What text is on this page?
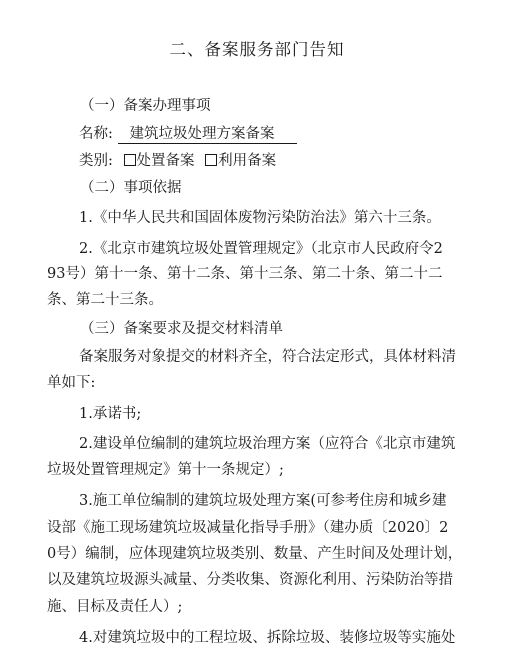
二、备案服务部门告知
（一）备案办理事项
名称: 建筑垃圾处理方案备案
类别: 处置备案 利用备案
（二）事项依据
1.《中华人民共和国固体废物污染防治法》第六十三条。
2.《北京市建筑垃圾处置管理规定》（北京市人民政府令2
93号）第十一条、第十二条、第十三条、第二十条、第二十二
条、第二十三条。
（三）备案要求及提交材料清单
备案服务对象提交的材料齐全，符合法定形式，具体材料清
单如下:
1.承诺书;
2.建设单位编制的建筑垃圾治理方案（应符合《北京市建筑
垃圾处置管理规定》第十一条规定）;
3.施工单位编制的建筑垃圾处理方案(可参考住房和城乡建
设部《施工现场建筑垃圾减量化指导手册》（建办质〔2020〕2
0号）编制，应体现建筑垃圾类别、数量、产生时间及处理计划，
以及建筑垃圾源头减量、分类收集、资源化利用、污染防治等措
施、目标及责任人）;
4.对建筑垃圾中的工程垃圾、拆除垃圾、装修垃圾等实施处
